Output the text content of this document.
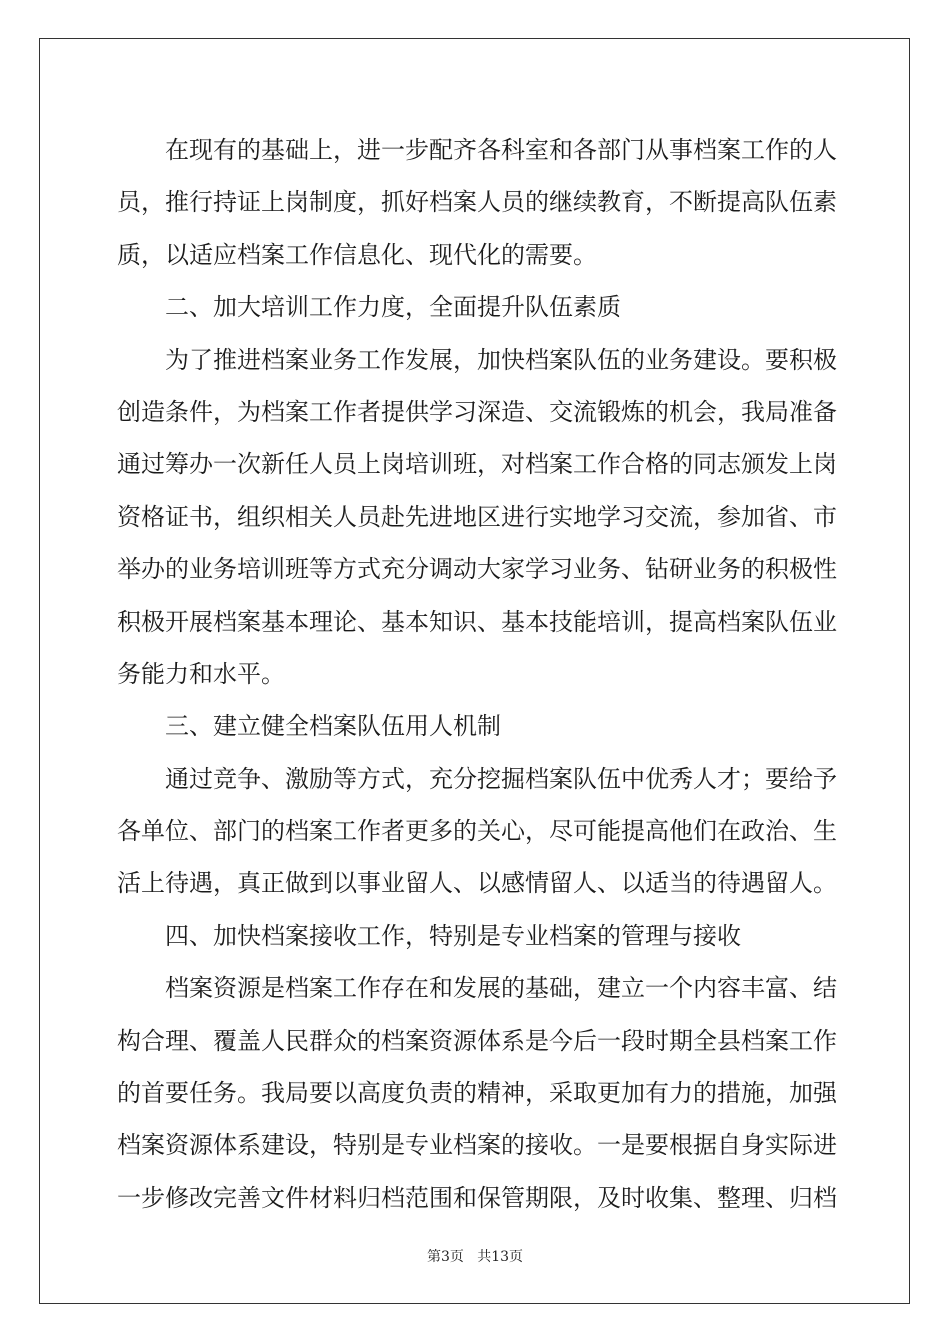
在现有的基础上，进一步配齐各科室和各部门从事档案工作的人
员，推行持证上岗制度，抓好档案人员的继续教育，不断提高队伍素
质，以适应档案工作信息化、现代化的需要。
二、加大培训工作力度，全面提升队伍素质
为了推进档案业务工作发展，加快档案队伍的业务建设。要积极
创造条件，为档案工作者提供学习深造、交流锻炼的机会，我局准备
通过筹办一次新任人员上岗培训班，对档案工作合格的同志颁发上岗
资格证书，组织相关人员赴先进地区进行实地学习交流，参加省、市
举办的业务培训班等方式充分调动大家学习业务、钻研业务的积极性
积极开展档案基本理论、基本知识、基本技能培训，提高档案队伍业
务能力和水平。
三、建立健全档案队伍用人机制
通过竞争、激励等方式，充分挖掘档案队伍中优秀人才；要给予
各单位、部门的档案工作者更多的关心，尽可能提高他们在政治、生
活上待遇，真正做到以事业留人、以感情留人、以适当的待遇留人。
四、加快档案接收工作，特别是专业档案的管理与接收
档案资源是档案工作存在和发展的基础，建立一个内容丰富、结
构合理、覆盖人民群众的档案资源体系是今后一段时期全县档案工作
的首要任务。我局要以高度负责的精神，采取更加有力的措施，加强
档案资源体系建设，特别是专业档案的接收。一是要根据自身实际进
一步修改完善文件材料归档范围和保管期限，及时收集、整理、归档
第3页 共13页
